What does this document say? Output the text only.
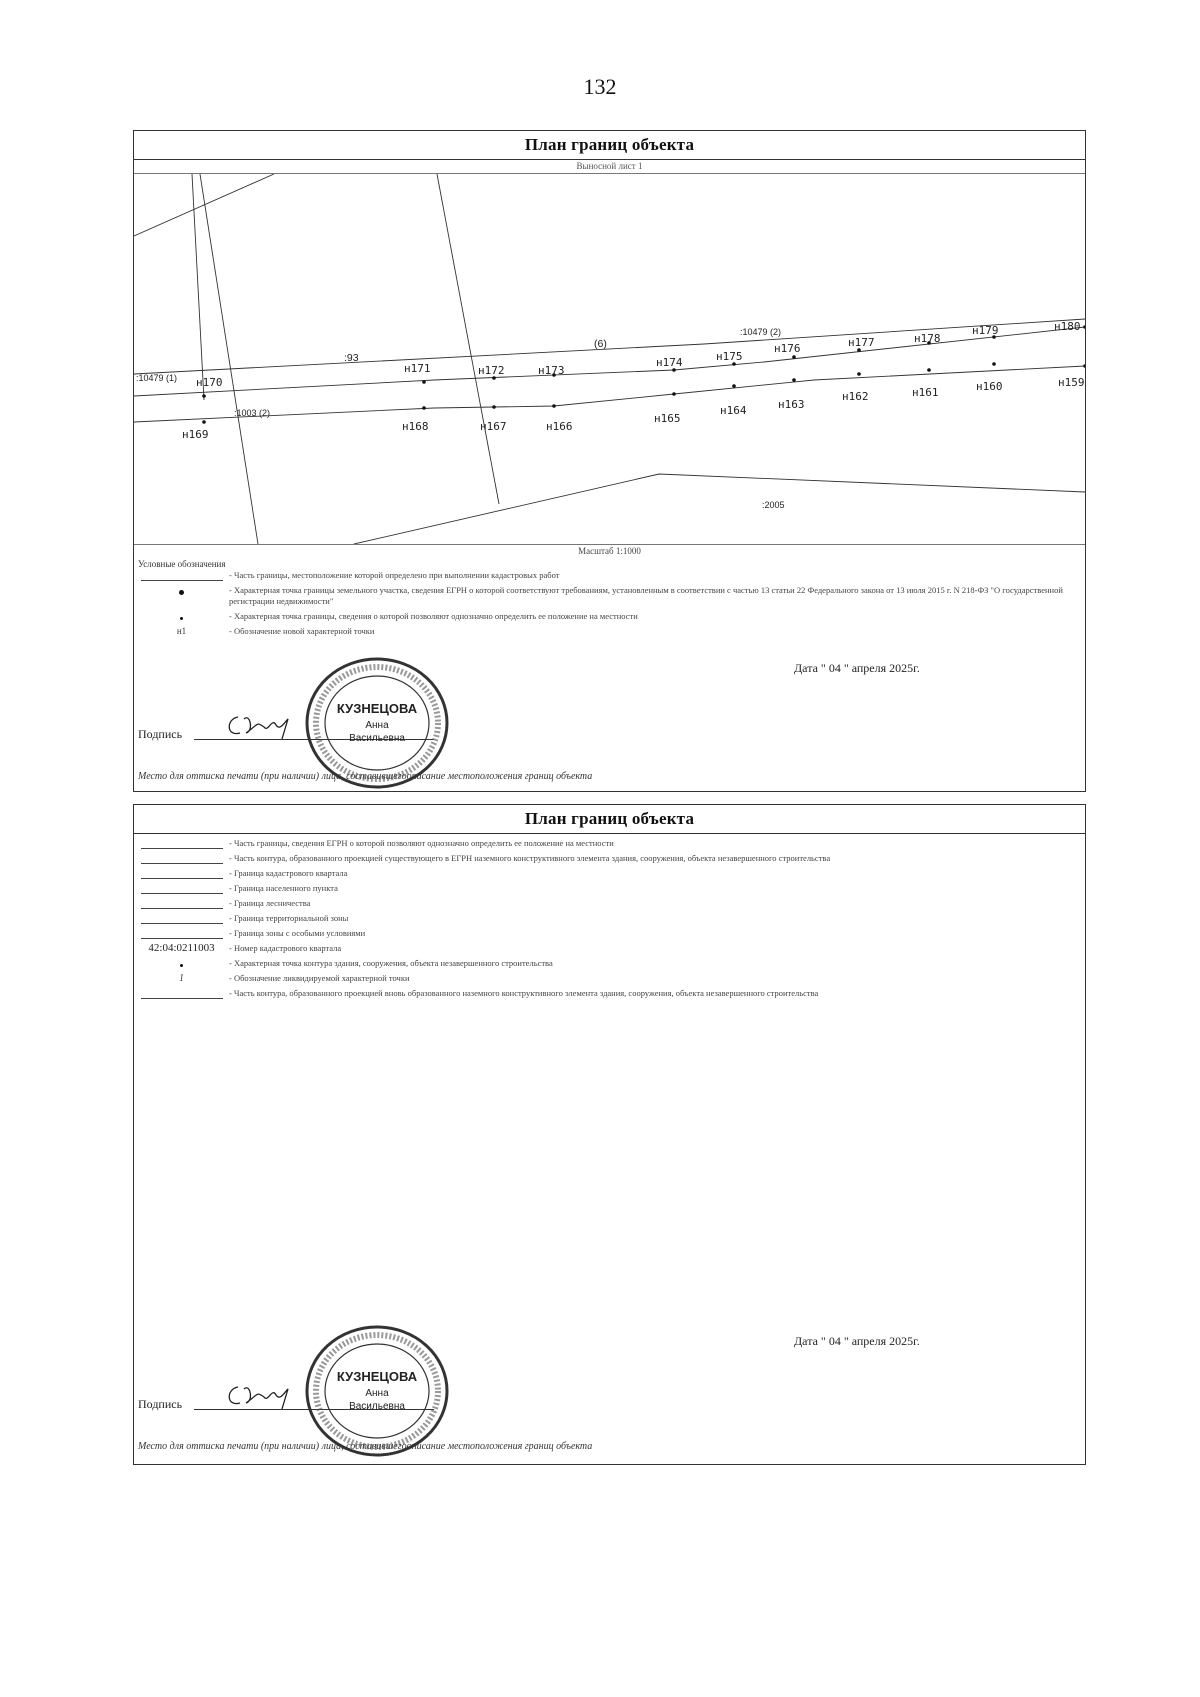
132
План границ объекта
Выносной лист 1
:93
(6)
:10479 (2)
:10479 (1)
:1003 (2)
:2005
н170
н171	н172	н173
н174	н175
н176	н177	н178
н179	н180
н169
н168	н167	н166
н165
н164	н163
н162	н161	н160	н159
Масштаб 1:1000
Условные обозначения
- Часть границы, местоположение которой определено при выполнении кадастровых работ
- Характерная точка границы земельного участка, сведения ЕГРН о которой соответствуют требованиям, установленным в соответствии с частью 13 статьи 22 Федерального закона от 13 июля 2015 г. N 218-ФЗ "О государственной регистрации недвижимости"
- Характерная точка границы, сведения о которой позволяют однозначно определить ее положение на местности
н1	- Обозначение новой характерной точки
Дата " 04 " апреля 2025г.
Подпись
КУЗНЕЦОВА
Анна
Васильевна
Место для оттиска печати (при наличии) лица, составившегоописание местоположения границ объекта
План границ объекта
- Часть границы, сведения ЕГРН о которой позволяют однозначно определить ее положение на местности
- Часть контура, образованного проекцией существующего в ЕГРН наземного конструктивного элемента здания, сооружения, объекта незавершенного строительства
- Граница кадастрового квартала
- Граница населенного пункта
- Граница лесничества
- Граница территориальной зоны
- Граница зоны с особыми условиями
42:04:0211003 - Номер кадастрового квартала
- Характерная точка контура здания, сооружения, объекта незавершенного строительства
1	- Обозначение ликвидируемой характерной точки
- Часть контура, образованного проекцией вновь образованного наземного конструктивного элемента здания, сооружения, объекта незавершенного строительства
Дата " 04 " апреля 2025г.
Подпись
КУЗНЕЦОВА
Анна
Васильевна
Место для оттиска печати (при наличии) лица, составившегоописание местоположения границ объекта
